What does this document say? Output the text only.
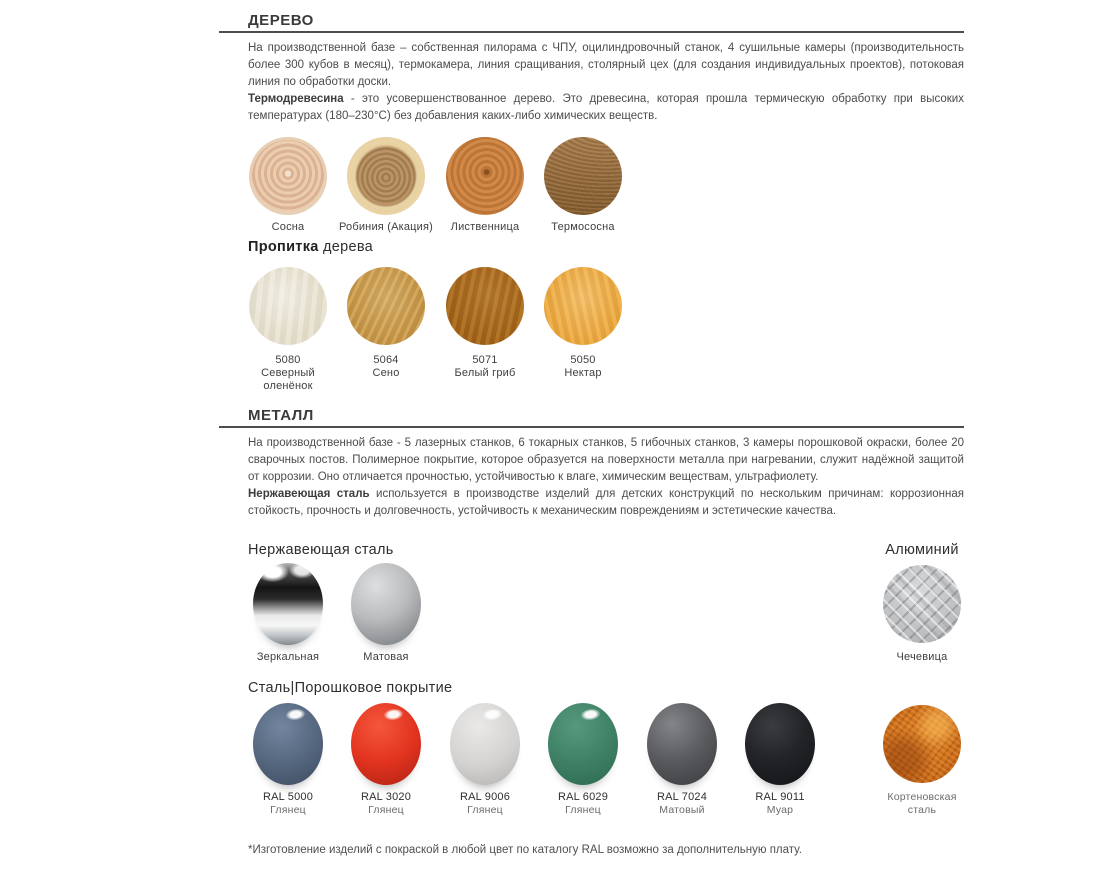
ДЕРЕВО

На производственной базе – собственная пилорама с ЧПУ, оцилиндровочный станок, 4 сушильные камеры (производительность более 300 кубов в месяц), термокамера, линия сращивания, столярный цех (для создания индивидуальных проектов), потоковая линия по обработки доски.

Термодревесина - это усовершенствованное дерево. Это древесина, которая прошла термическую обработку при высоких температурах (180–230°С) без добавления каких-либо химических веществ.

Сосна	Робиния (Акация)	Лиственница	Термососна
Пропитка дерева
5080
Северный оленёнок
5064
Сено
5071
Белый гриб
5050
Нектар
МЕТАЛЛ

На производственной базе - 5 лазерных станков, 6 токарных станков, 5 гибочных станков, 3 камеры порошковой окраски, более 20 сварочных постов. Полимерное покрытие, которое образуется на поверхности металла при нагревании, служит надёжной защитой от коррозии. Оно отличается прочностью, устойчивостью к влаге, химическим веществам, ультрафиолету.

Нержавеющая сталь используется в производстве изделий для детских конструкций по нескольким причинам: коррозионная стойкость, прочность и долговечность, устойчивость к механическим повреждениям и эстетические качества.

Нержавеющая сталь	Алюминий
Зеркальная	Матовая	Чечевица
Сталь|Порошковое покрытие
RAL 5000
Глянец
RAL 3020
Глянец
RAL 9006
Глянец
RAL 6029
Глянец
RAL 7024
Матовый
RAL 9011
Муар
Кортеновская сталь
*Изготовление изделий с покраской в любой цвет по каталогу RAL возможно за дополнительную плату.
